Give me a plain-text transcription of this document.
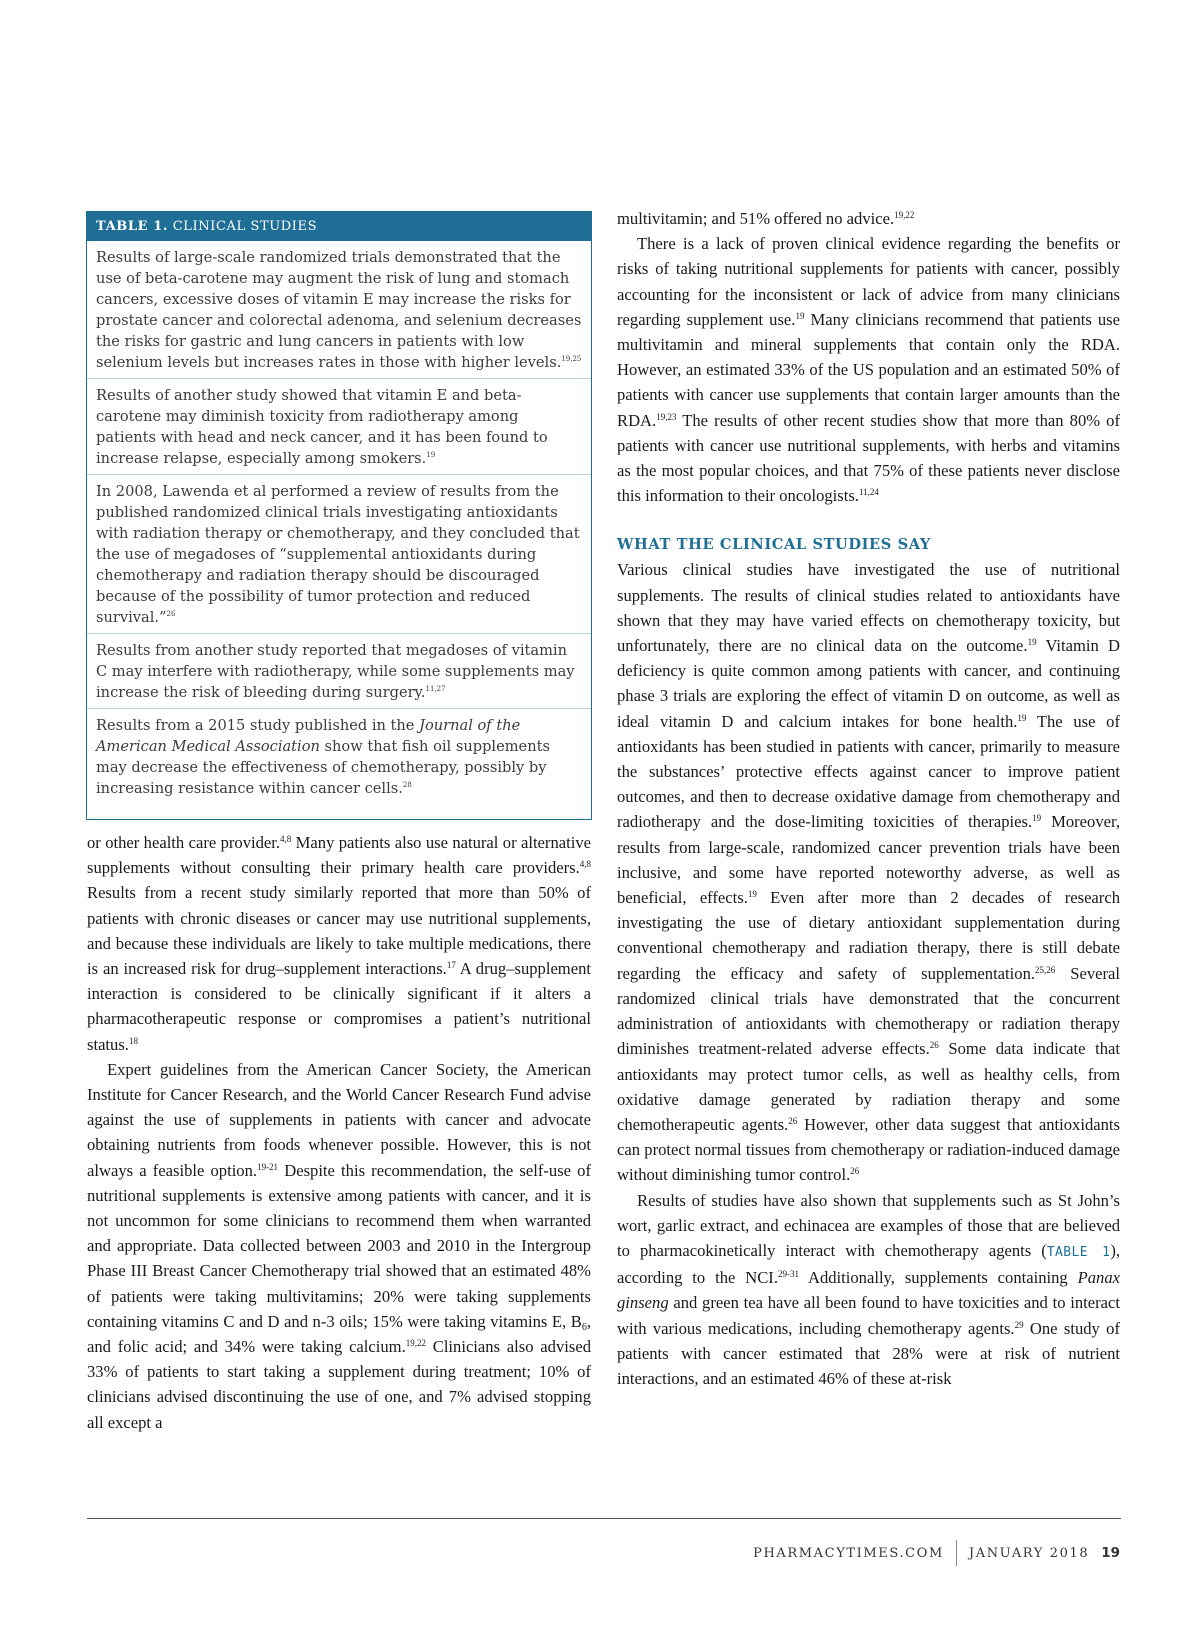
TABLE 1. CLINICAL STUDIES
Results of large-scale randomized trials demonstrated that the use of beta-carotene may augment the risk of lung and stomach cancers, excessive doses of vitamin E may increase the risks for prostate cancer and colorectal adenoma, and selenium decreases the risks for gastric and lung cancers in patients with low selenium levels but increases rates in those with higher levels.$^{19,25}$
Results of another study showed that vitamin E and beta-carotene may diminish toxicity from radiotherapy among patients with head and neck cancer, and it has been found to increase relapse, especially among smokers.$^{19}$
In 2008, Lawenda et al performed a review of results from the published randomized clinical trials investigating antioxidants with radiation therapy or chemotherapy, and they concluded that the use of megadoses of “supplemental antioxidants during chemotherapy and radiation therapy should be discouraged because of the possibility of tumor protection and reduced survival.”$^{26}$
Results from another study reported that megadoses of vitamin C may interfere with radiotherapy, while some supplements may increase the risk of bleeding during surgery.$^{11,27}$
Results from a 2015 study published in the Journal of the American Medical Association show that fish oil supplements may decrease the effectiveness of chemotherapy, possibly by increasing resistance within cancer cells.$^{28}$

or other health care provider.$^{4,8}$ Many patients also use natural or alternative supplements without consulting their primary health care providers.$^{4,8}$ Results from a recent study similarly reported that more than 50% of patients with chronic diseases or cancer may use nutritional supplements, and because these individuals are likely to take multiple medications, there is an increased risk for drug–supplement interactions.$^{17}$ A drug–supplement interaction is considered to be clinically significant if it alters a pharmacotherapeutic response or compromises a patient’s nutritional status.$^{18}$

Expert guidelines from the American Cancer Society, the American Institute for Cancer Research, and the World Cancer Research Fund advise against the use of supplements in patients with cancer and advocate obtaining nutrients from foods whenever possible. However, this is not always a feasible option.$^{19-21}$ Despite this recommendation, the self-use of nutritional supplements is extensive among patients with cancer, and it is not uncommon for some clinicians to recommend them when warranted and appropriate. Data collected between 2003 and 2010 in the Intergroup Phase III Breast Cancer Chemotherapy trial showed that an estimated 48% of patients were taking multivitamins; 20% were taking supplements containing vitamins C and D and n-3 oils; 15% were taking vitamins E, $B_6$, and folic acid; and 34% were taking calcium.$^{19,22}$ Clinicians also advised 33% of patients to start taking a supplement during treatment; 10% of clinicians advised discontinuing the use of one, and 7% advised stopping all except a

multivitamin; and 51% offered no advice.$^{19,22}$

There is a lack of proven clinical evidence regarding the benefits or risks of taking nutritional supplements for patients with cancer, possibly accounting for the inconsistent or lack of advice from many clinicians regarding supplement use.$^{19}$ Many clinicians recommend that patients use multivitamin and mineral supplements that contain only the RDA. However, an estimated 33% of the US population and an estimated 50% of patients with cancer use supplements that contain larger amounts than the RDA.$^{19,23}$ The results of other recent studies show that more than 80% of patients with cancer use nutritional supplements, with herbs and vitamins as the most popular choices, and that 75% of these patients never disclose this information to their oncologists.$^{11,24}$

WHAT THE CLINICAL STUDIES SAY

Various clinical studies have investigated the use of nutritional supplements. The results of clinical studies related to antioxidants have shown that they may have varied effects on chemotherapy toxicity, but unfortunately, there are no clinical data on the outcome.$^{19}$ Vitamin D deficiency is quite common among patients with cancer, and continuing phase 3 trials are exploring the effect of vitamin D on outcome, as well as ideal vitamin D and calcium intakes for bone health.$^{19}$ The use of antioxidants has been studied in patients with cancer, primarily to measure the substances’ protective effects against cancer to improve patient outcomes, and then to decrease oxidative damage from chemotherapy and radiotherapy and the dose-limiting toxicities of therapies.$^{19}$ Moreover, results from large-scale, randomized cancer prevention trials have been inclusive, and some have reported noteworthy adverse, as well as beneficial, effects.$^{19}$ Even after more than 2 decades of research investigating the use of dietary antioxidant supplementation during conventional chemotherapy and radiation therapy, there is still debate regarding the efficacy and safety of supplementation.$^{25,26}$ Several randomized clinical trials have demonstrated that the concurrent administration of antioxidants with chemotherapy or radiation therapy diminishes treatment-related adverse effects.$^{26}$ Some data indicate that antioxidants may protect tumor cells, as well as healthy cells, from oxidative damage generated by radiation therapy and some chemotherapeutic agents.$^{26}$ However, other data suggest that antioxidants can protect normal tissues from chemotherapy or radiation-induced damage without diminishing tumor control.$^{26}$

Results of studies have also shown that supplements such as St John’s wort, garlic extract, and echinacea are examples of those that are believed to pharmacokinetically interact with chemotherapy agents (TABLE 1), according to the NCI.$^{29-31}$ Additionally, supplements containing Panax ginseng and green tea have all been found to have toxicities and to interact with various medications, including chemotherapy agents.$^{29}$ One study of patients with cancer estimated that 28% were at risk of nutrient interactions, and an estimated 46% of these at-risk

PHARMACYTIMES.COM JANUARY 2018 19
